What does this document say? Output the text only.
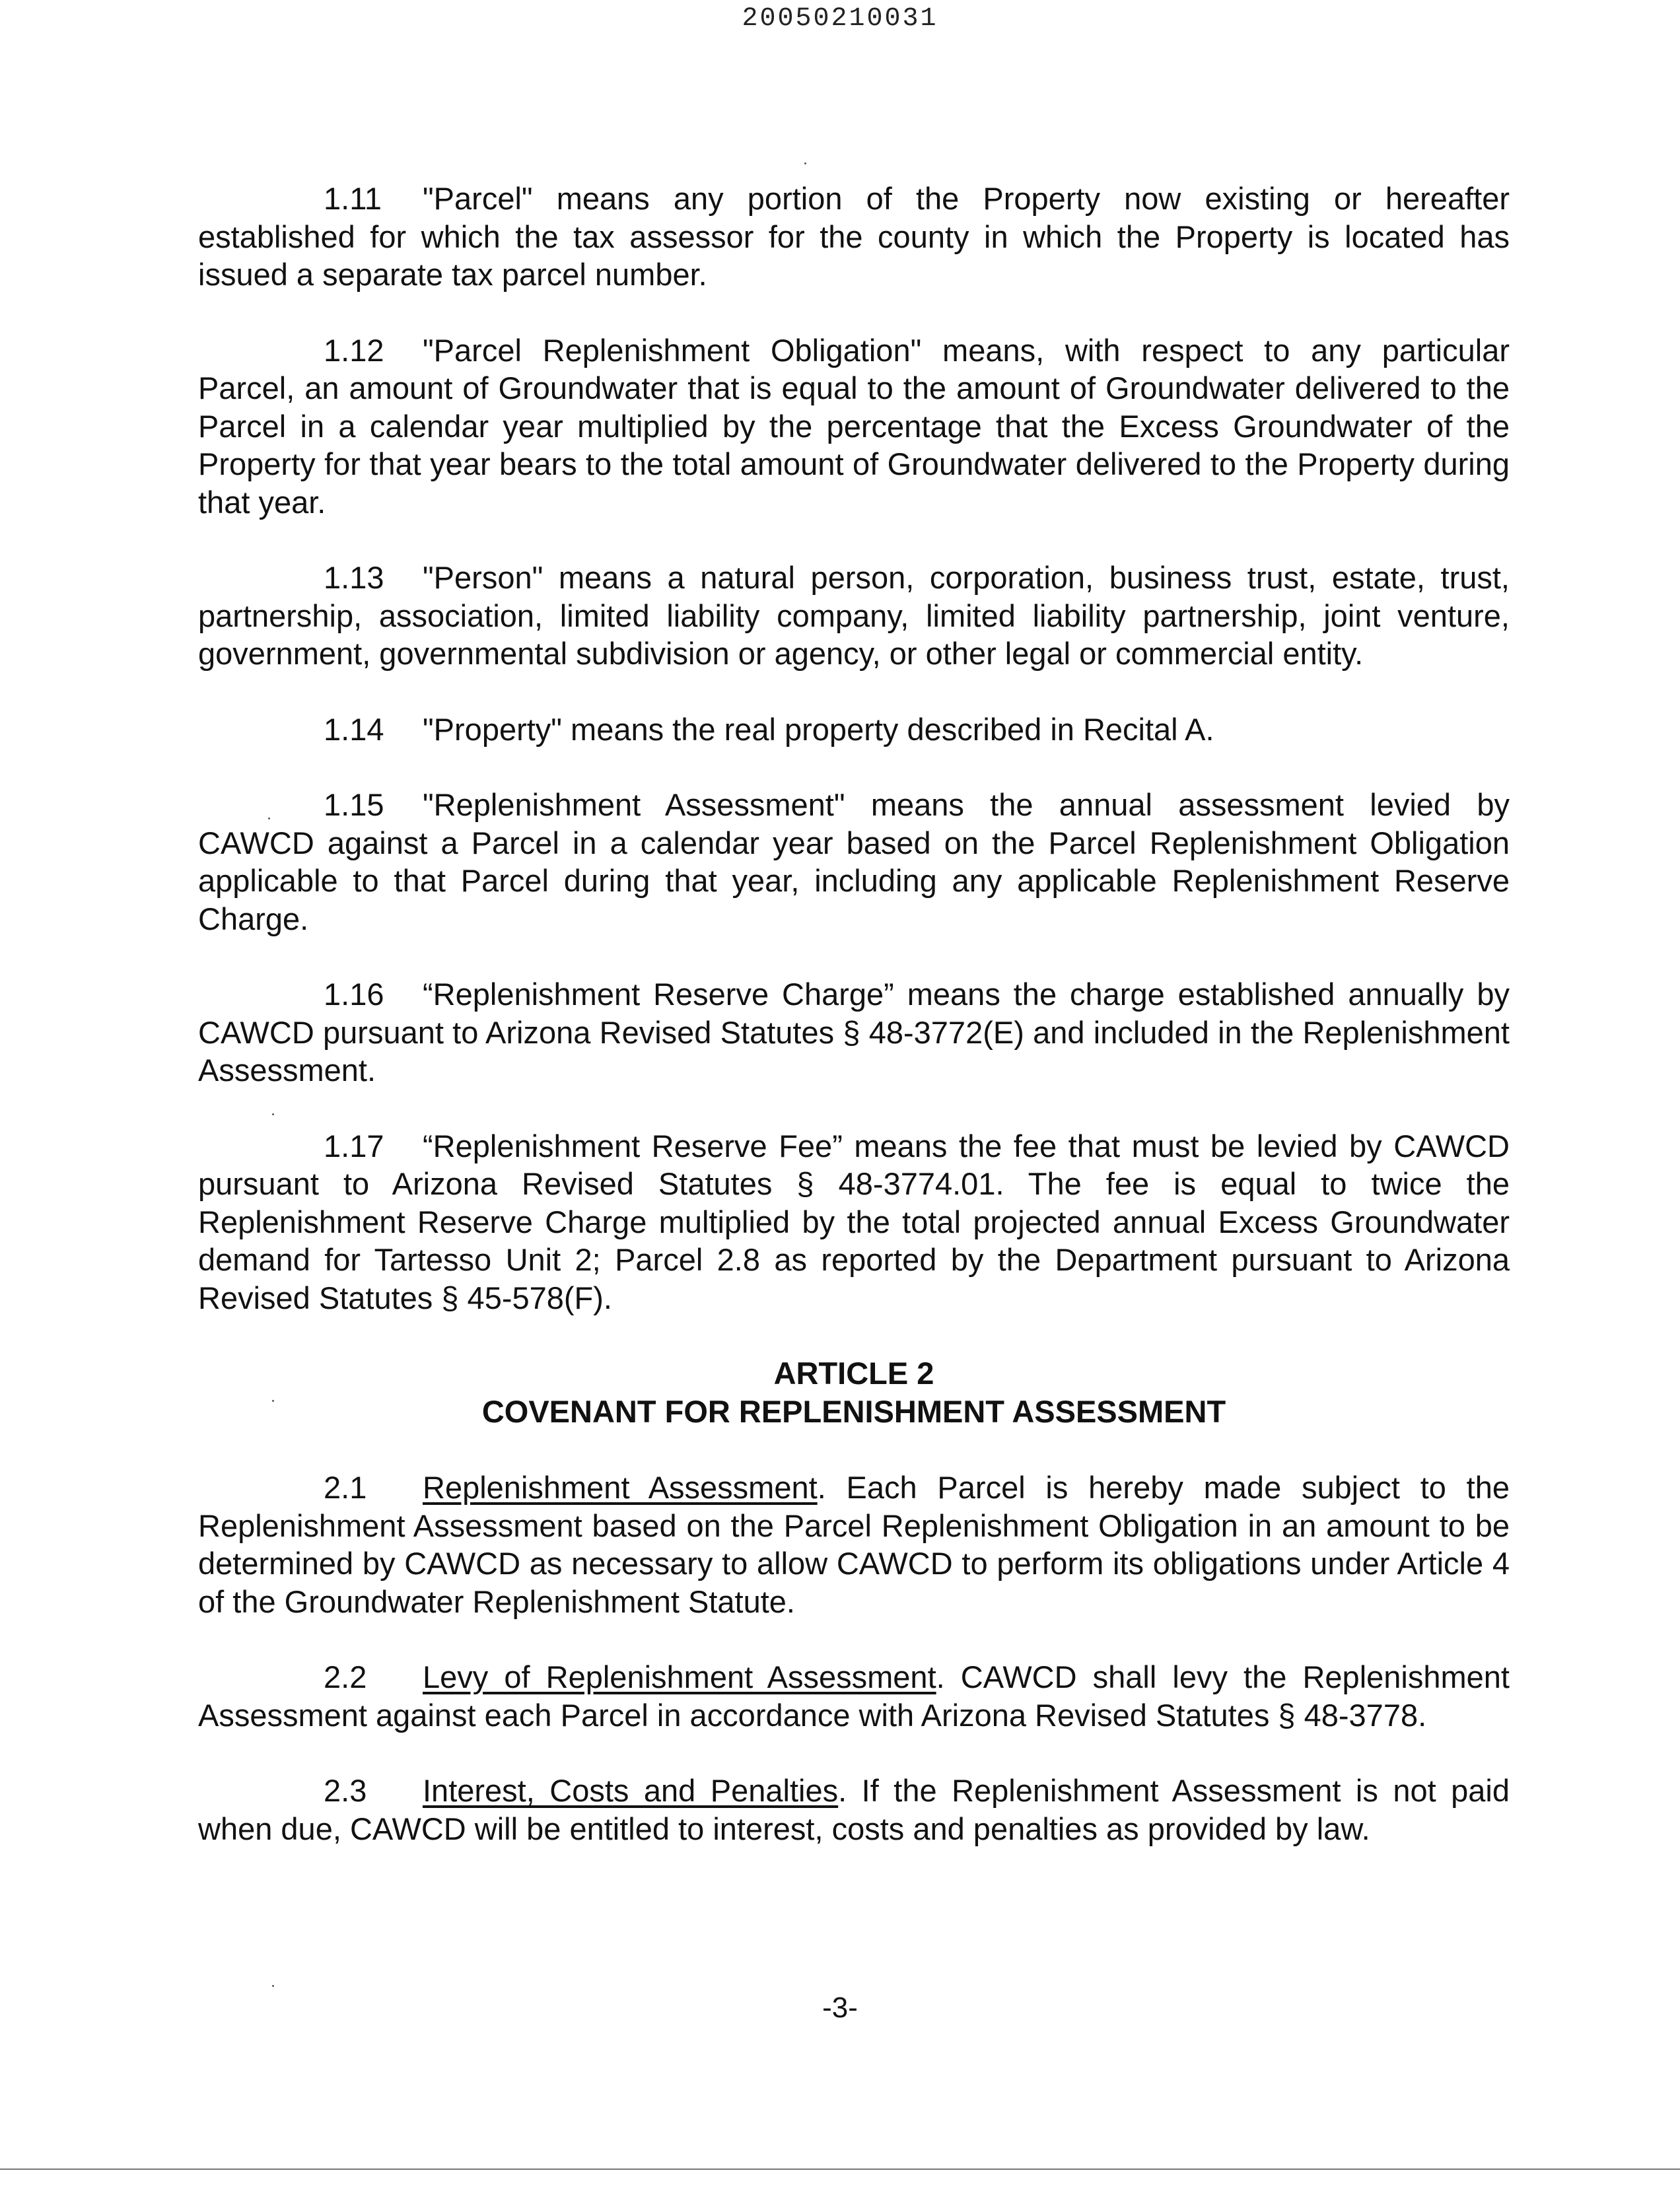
20050210031

1.11 "Parcel" means any portion of the Property now existing or hereafter established for which the tax assessor for the county in which the Property is located has issued a separate tax parcel number.

1.12 "Parcel Replenishment Obligation" means, with respect to any particular Parcel, an amount of Groundwater that is equal to the amount of Groundwater delivered to the Parcel in a calendar year multiplied by the percentage that the Excess Groundwater of the Property for that year bears to the total amount of Groundwater delivered to the Property during that year.

1.13 "Person" means a natural person, corporation, business trust, estate, trust, partnership, association, limited liability company, limited liability partnership, joint venture, government, governmental subdivision or agency, or other legal or commercial entity.

1.14 "Property" means the real property described in Recital A.

1.15 "Replenishment Assessment" means the annual assessment levied by CAWCD against a Parcel in a calendar year based on the Parcel Replenishment Obligation applicable to that Parcel during that year, including any applicable Replenishment Reserve Charge.

1.16 “Replenishment Reserve Charge” means the charge established annually by CAWCD pursuant to Arizona Revised Statutes § 48-3772(E) and included in the Replenishment Assessment.

1.17 “Replenishment Reserve Fee” means the fee that must be levied by CAWCD pursuant to Arizona Revised Statutes § 48-3774.01. The fee is equal to twice the Replenishment Reserve Charge multiplied by the total projected annual Excess Groundwater demand for Tartesso Unit 2; Parcel 2.8 as reported by the Department pursuant to Arizona Revised Statutes § 45-578(F).

ARTICLE 2
COVENANT FOR REPLENISHMENT ASSESSMENT

2.1 Replenishment Assessment. Each Parcel is hereby made subject to the Replenishment Assessment based on the Parcel Replenishment Obligation in an amount to be determined by CAWCD as necessary to allow CAWCD to perform its obligations under Article 4 of the Groundwater Replenishment Statute.

2.2 Levy of Replenishment Assessment. CAWCD shall levy the Replenishment Assessment against each Parcel in accordance with Arizona Revised Statutes § 48-3778.

2.3 Interest, Costs and Penalties. If the Replenishment Assessment is not paid when due, CAWCD will be entitled to interest, costs and penalties as provided by law.

-3-
